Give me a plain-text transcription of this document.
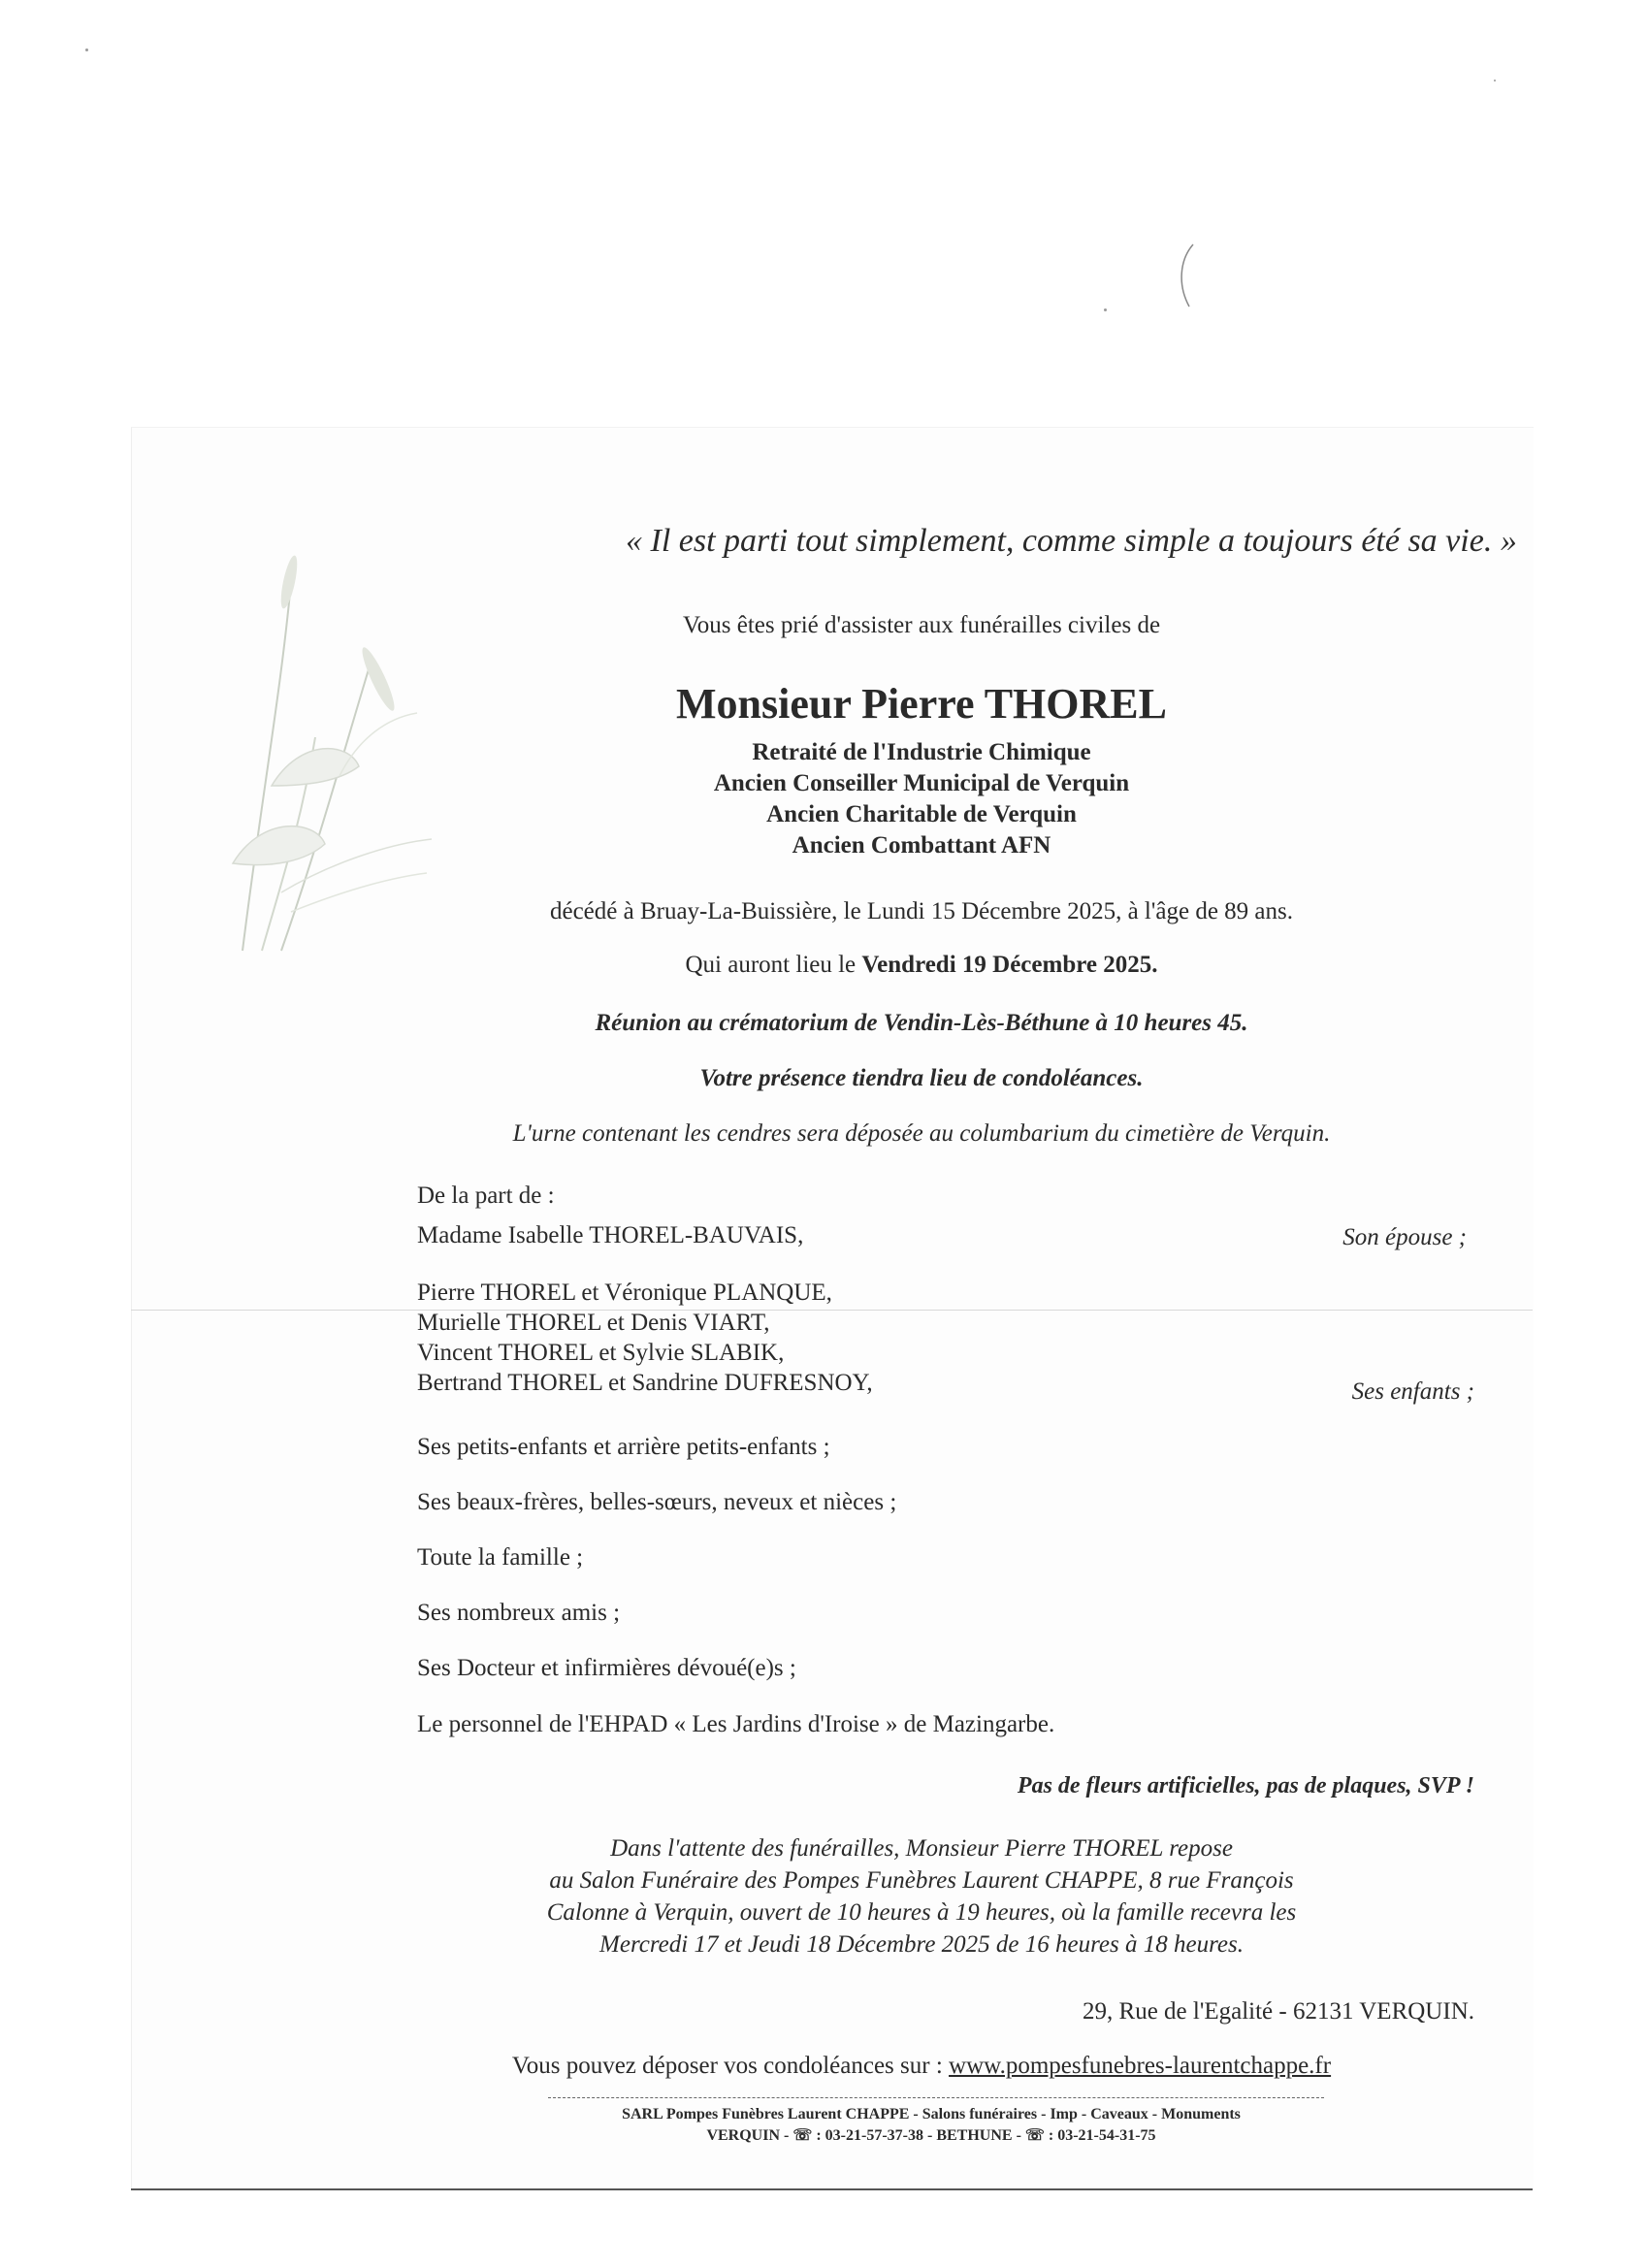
« Il est parti tout simplement, comme simple a toujours été sa vie. »
Vous êtes prié d'assister aux funérailles civiles de
Monsieur Pierre THOREL
Retraité de l'Industrie Chimique
Ancien Conseiller Municipal de Verquin
Ancien Charitable de Verquin
Ancien Combattant AFN
décédé à Bruay-La-Buissière, le Lundi 15 Décembre 2025, à l'âge de 89 ans.
Qui auront lieu le Vendredi 19 Décembre 2025.
Réunion au crématorium de Vendin-Lès-Béthune à 10 heures 45.
Votre présence tiendra lieu de condoléances.
L'urne contenant les cendres sera déposée au columbarium du cimetière de Verquin.
De la part de :
Madame Isabelle THOREL-BAUVAIS,	Son épouse ;
Pierre THOREL et Véronique PLANQUE,
Murielle THOREL et Denis VIART,
Vincent THOREL et Sylvie SLABIK,
Bertrand THOREL et Sandrine DUFRESNOY,	Ses enfants ;
Ses petits-enfants et arrière petits-enfants ;
Ses beaux-frères, belles-sœurs, neveux et nièces ;
Toute la famille ;
Ses nombreux amis ;
Ses Docteur et infirmières dévoué(e)s ;
Le personnel de l'EHPAD « Les Jardins d'Iroise » de Mazingarbe.
Pas de fleurs artificielles, pas de plaques, SVP !
Dans l'attente des funérailles, Monsieur Pierre THOREL repose
au Salon Funéraire des Pompes Funèbres Laurent CHAPPE, 8 rue François
Calonne à Verquin, ouvert de 10 heures à 19 heures, où la famille recevra les
Mercredi 17 et Jeudi 18 Décembre 2025 de 16 heures à 18 heures.
29, Rue de l'Egalité - 62131 VERQUIN.
Vous pouvez déposer vos condoléances sur : www.pompesfunebres-laurentchappe.fr
SARL Pompes Funèbres Laurent CHAPPE - Salons funéraires - Imp - Caveaux - Monuments
VERQUIN - ☏ : 03-21-57-37-38 - BETHUNE - ☏ : 03-21-54-31-75
